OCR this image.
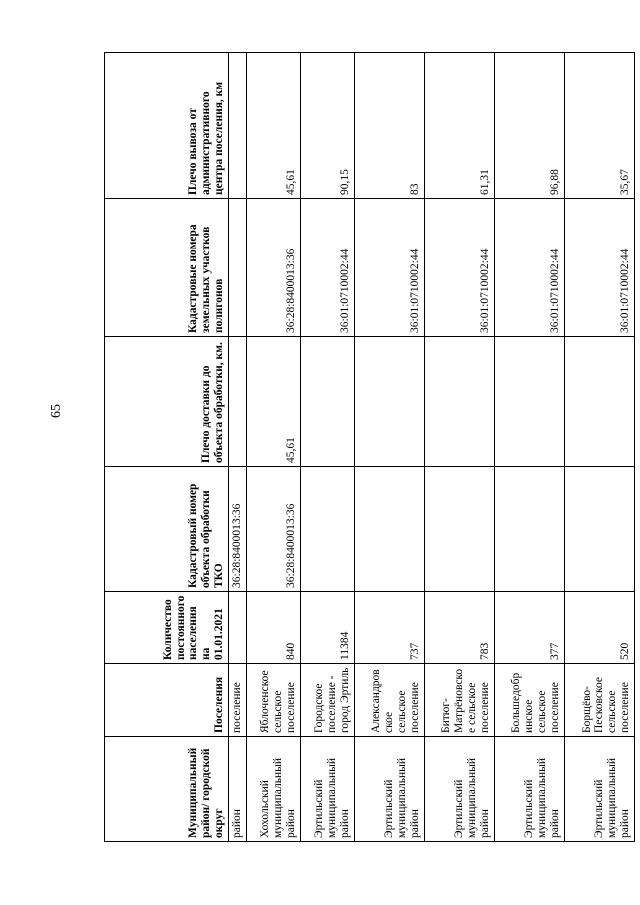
65
Муниципальный район/ городской округ	Поселения	Количество постоянного населения на 01.01.2021	Кадастровый номер объекта обработки ТКО	Плечо доставки до объекта обработки, км.	Кадастровые номера земельных участков полигонов	Плечо вывоза от административного центра поселения, км
район	поселение		36:28:8400013:36			
Хохольский муниципальный район	Яблоченское сельское поселение	840	36:28:8400013:36	45,61	36:28:8400013:36	45,61
Эртильский муниципальный район	Городское поселение - город Эртиль	11384			36:01:0710002:44	90,15
Эртильский муниципальный район	Александровское сельское поселение	737			36:01:0710002:44	83
Эртильский муниципальный район	Битюг-Матрёновское сельское поселение	783			36:01:0710002:44	61,31
Эртильский муниципальный район	Большедобринское сельское поселение	377			36:01:0710002:44	96,88
Эртильский муниципальный район	Борщёво-Песковское сельское поселение	520			36:01:0710002:44	35,67
